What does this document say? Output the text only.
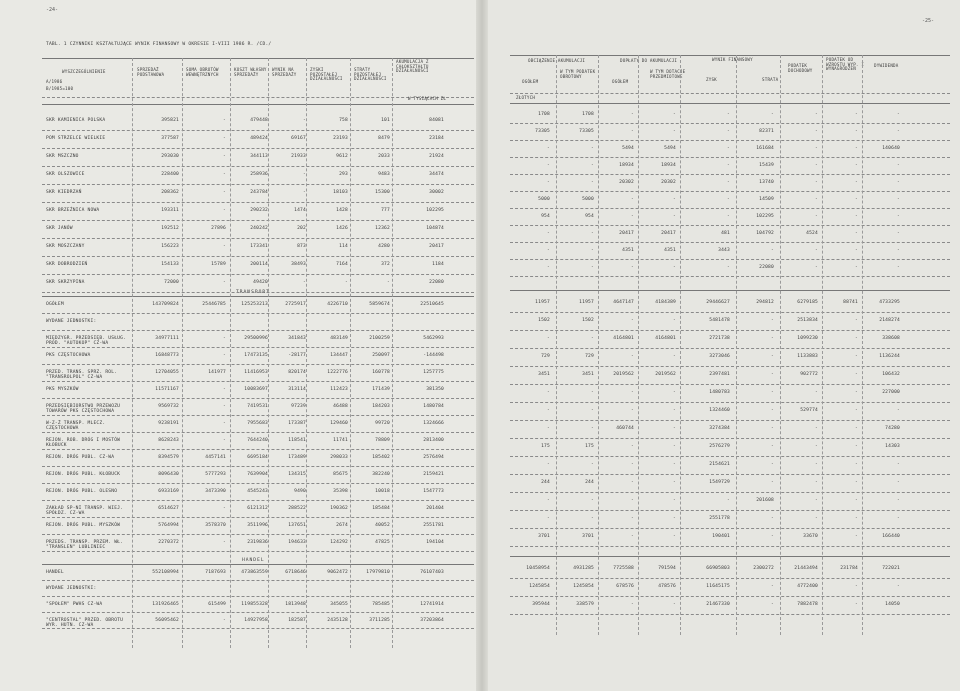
-24-
-25-
TABL. 1 CZYNNIKI KSZTAŁTUJĄCE WYNIK FINANSOWY W OKRESIE I-VIII 1986 R. /CD./
WYSZCZEGÓLNIENIE
A/1986
B/1985=100
SPRZEDAŻ PODSTAWOWA
SUMA OBROTÓW WEWNĘTRZNYCH
KOSZT WŁASNY SPRZEDAŻY
WYNIK NA SPRZEDAŻY
ZYSKI POZOSTAŁEJ DZIAŁALNOŚCI
STRATY POZOSTAŁEJ DZIAŁALNOŚCI
AKUMULACJA Z CAŁOKSZTAŁTU DZIAŁALNOŚCI
W TYSIĄCACH ZŁ
OBCIĄŻENIE AKUMULACJI	DOPŁATY DO AKUMULACJI	WYNIK FINANSOWY
OGÓŁEM
W TYM PODATEK OBROTOWY
OGÓŁEM
W TYM DOTACJE PRZEDMIOTOWE
ZYSK	STRATA
PODATEK DOCHODOWY
PODATEK OD WZROSTU WYP. I WYNAGRODZEŃ
DYWIDENDA
ZŁOTYCH
TRANSPORT
HANDEL
SKR KAMIENICA POLSKA	395821	-	479448	-	758	101	84081
POM STRZELCE WIELKIE	377587	-	489424	69167	23193	8479	23184
SKR MSZCZNO	293030	-	344113	21933	9612	2033	21924
SKR OLSZOWICE	228400	-	258936	-	293	9483	34474
SKR KIEDRZAŃ	208362	-	243784	-	18103	15300	30002
SKR BRZEŹNICA NOWA	193311	-	290232	1474	1428	777	102295
SKR JANÓW	192512	27896	240242	202	1426	12362	104874
SKR MOSZCZANY	156223	-	173341	873	114	4280	20417
SKR DOBRODZIEŃ	154133	15789	200114	38493	7164	372	1184
SKR SKRZYPINA	72000	-	49420	-	-	-	22080
OGÓŁEM	143709824	25446785	125253213	2725917	4226710	5859674	22510645
WYDANE JEDNOSTKI:
MIĘDZYGR. PRZEDSIĘB. USŁUG. PROD. "AUTOKOP" CZ-WA
34977111	-	29500996	341843	483149	2100259	5462993
PKS CZĘSTOCHOWA	16848773	-	17473135	-28177	134447	250097	-144498
PRZED. TRANS. SPRZ. ROL. "TRANSROLPOL" CZ-WA
12704055	141977	11416953	820174	1222776	160778	1257775
PKS MYSZKÓW	11571167	-	10083697	313114	112423	171439	381350
PRZEDSIĘBIORSTWO PRZEWOZU TOWARÓW PKS CZĘSTOCHOWA
9569732	-	7419531	97239	46488	184203	1480784
W-Z-Ż TRANSP. MLECZ. CZĘSTOCHOWA
9238191	-	7955683	173387	129460	99720	1324666
REJON. ROB. DRÓG I MOSTÓW KŁOBUCK
8628243	-	7644240	118541	11741	78809	2813400
REJON. DRÓG PUBL. CZ-WA	8394579	4457141	6695184	173489	298033	185402	2576494
REJON. DRÓG PUBL. KŁOBUCK	8096430	5777293	7639904	134315	85675	382240	2159421
REJON. DRÓG PUBL. OLESNO	6933169	3473390	4545243	9490	35398	10018	1547773
ZAKŁAD SP-NI TRANSP. WIEJ. SPÓŁDZ. CZ-WA
6514627	-	6121312	288522	190362	185484	201404
REJON. DRÓG PUBL. MYSZKÓW	5764994	3578370	3511996	137651	2674	40052	2551781
PRZEDS. TRANSP. PRZEM. WŁ. "TRANSLEN" LUBLINIEC
2270372	-	2319836	194633	124292	47825	194104
HANDEL	552108994	7187693	473863559	6718646	9062472	17979810	76107403
WYDANE JEDNOSTKI:
"SPOŁEM" PWHS CZ-WA	131926465	615499	119855328	1813948	345055	785485	12741914
"CENTROSTAL" PRZED. OBROTU WYR. HUTN. CZ-WA
56095462	-	14927958	182587	2435128	3711285	37203864
1708	1708	-	-	-	-	-	-	-
73305	73305	-	-	-	82371	-	-	-
-	-	5494	5494	-	161684	-	-	140640
-	-	18934	18934	-	15439	-	-	-
-	-	20302	20302	-	13740	-	-	-
5000	5000	-	-	-	14509	-	-	-
954	954	-	-	-	102295	-	-	-
-	-	20417	20417	481	104792	4524	-	-
-	-	4351	4351	3443	-	-	-	-
-	-	-	-	-	22080	-	-	-
11957	11957	4647147	4184389	29446627	294812	6279185	88741	4733295
1502	1502	-	-	5481478	-	2513834	-	2148274
-	-	4164801	4164801	2721738	-	1099230	-	338608
729	729	-	-	3273046	-	1133883	-	1136244
3451	3451	2019562	2019562	2397481	-	902772	-	106432
-	-	-	-	1480783	-	-	-	227000
-	-	-	-	1324460	-	529774	-	-
-	-	460744	-	3274384	-	-	-	74280
175	175	-	-	2576279	-	-	-	14303
-	-	-	-	2154621	-	-	-	-
244	244	-	-	1549729	-	-	-	-
-	-	-	-	-	201608	-	-	-
-	-	-	-	2551778	-	-	-	-
3701	3701	-	-	190401	-	33670	-	166440
10458954	4931285	7725588	791594	66905803	2300272	21443494	231784	722021
1245854	1245854	678576	478576	11645175	-	4772400	-	-
395944	338579	-	-	21467330	-	7882478	-	14050
